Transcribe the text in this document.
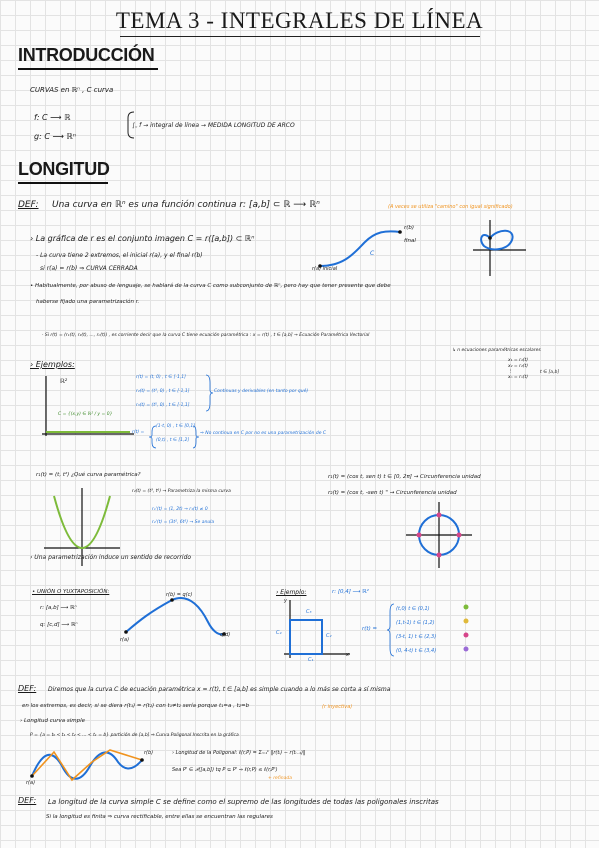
TEMA 3 - INTEGRALES DE LÍNEA
INTRODUCCIÓN
CURVAS en ℝⁿ , C curva
f: C ⟶ ℝ
g: C ⟶ ℝⁿ
∫꜀ f → integral de línea → MEDIDA LONGITUD DE ARCO
LONGITUD
DEF: Una curva en ℝⁿ es una función continua r: [a,b] ⊂ ℝ ⟶ ℝⁿ	(A veces se utiliza "camino" con igual significado)
› La gráfica de r es el conjunto imagen C = r([a,b]) ⊂ ℝⁿ
- La curva tiene 2 extremos, el inicial r(a), y el final r(b)
si r(a) = r(b) ⇒ CURVA CERRADA
r(b)
final
r(a) inicial
C
• Habitualmente, por abuso de lenguaje, se hablará de la curva C como subconjunto de ℝⁿ, pero hay que tener presente que debe
haberse fijado una parametrización r.
· Si r(t) = (r₁(t), r₂(t), ..., rₙ(t)) , es corriente decir que la curva C tiene ecuación paramétrica : x = r(t) , t ∈ [a,b] → Ecuación Paramétrica Vectorial
↳ n ecuaciones paramétricas escalares
x₁ = r₁(t)
x₂ = r₂(t)
⋮
xₙ = rₙ(t)
t ∈ [a,b]
› Ejemplos:
ℝ²
C = {(x,y) ∈ ℝ² / y = 0}
r(t) = (t, 0) , t ∈ [-1,1]
r₂(t) = (t³, 0) , t ∈ [-1,1]
r₃(t) = (t⁵, 0) , t ∈ [-1,1]
Continuas y derivables (en tanto por qué)
r(t) =
(1-t, 0) , t ∈ [0,1]
(0,t) , t ∈ [1,2]
⇒ No continua en C por no es una parametrización de C
r₁(t) = (t, t²) ¿Qué curva paramétrica?
r₂(t) = (t³, t⁶) → Parametriza la misma curva
r₁'(t) = (1, 2t) → r₁(t) ≠ 0
r₂'(t) = (3t², 6t⁵) → Se anula
r₁(t) = (cos t, sen t) t ∈ [0, 2π] → Circunferencia unidad
r₂(t) = (cos t, -sen t) " → Circunferencia unidad
› Una parametrización induce un sentido de recorrido
• UNIÓN O YUXTAPOSICIÓN:
r: [a,b] ⟶ ℝⁿ
q: [c,d] ⟶ ℝⁿ
r(b) = q(c)
r(a)
q(d)
› Ejemplo:	r: [0,4] ⟶ ℝ²
x
y
C₁
C₂
C₃
C₄
r(t) =
(t,0) t ∈ (0,1)
(1,t-1) t ∈ (1,2)
(3-t, 1) t ∈ (2,3)
(0, 4-t) t ∈ (3,4)
DEF: Diremos que la curva C de ecuación paramétrica x = r(t), t ∈ [a,b] es simple cuando a lo más se corta a sí misma
en los extremos, es decir, si se diera r(t₁) = r(t₂) con t₁≠t₂ sería porque t₁=a , t₂=b	(r inyectiva)
› Longitud curva simple
P = {a = t₀ < t₁ < t₂ < ... < tₖ = b} partición de [a,b] ⇒ Curva Poligonal Inscrita en la gráfica
r(a)
r(b)	› Longitud de la Poligonal: ℓ(r,P) = Σᵢ₌₁ᵏ ‖r(tᵢ) − r(tᵢ₋₁)‖
Sea P' ∈ 𝒫([a,b]) tq P ⊆ P' ⇒ ℓ(r,P) ≤ ℓ(r,P')
+ refinada
DEF: La longitud de la curva simple C se define como el supremo de las longitudes de todas las poligonales inscritas
Si la longitud es finita ⇒ curva rectificable, entre ellas se encuentran las regulares
